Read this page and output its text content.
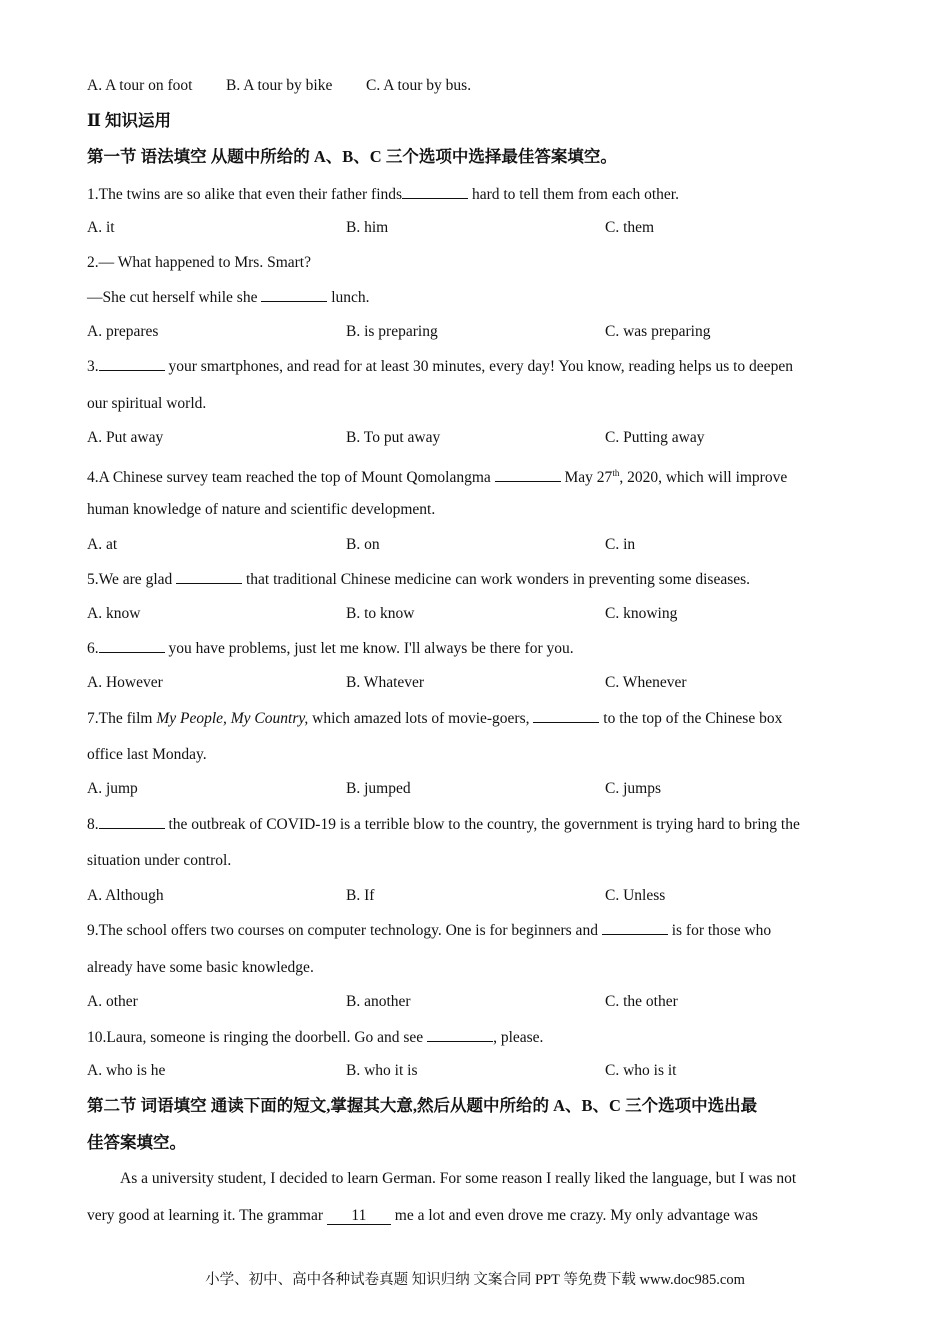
A. A tour on foot B. A tour by bike C. A tour by bus.
Ⅱ 知识运用
第一节 语法填空 从题中所给的 A、B、C 三个选项中选择最佳答案填空。
1.The twins are so alike that even their father finds	hard to tell them from each other.
A. it	B. him	C. them
2.— What happened to Mrs. Smart?
—She cut herself while she	lunch.
A. prepares	B. is preparing	C. was preparing
3.	your smartphones, and read for at least 30 minutes, every day! You know, reading helps us to deepen
our spiritual world.
A. Put away	B. To put away	C. Putting away
4.A Chinese survey team reached the top of Mount Qomolangma	May 27th, 2020, which will improve
human knowledge of nature and scientific development.
A. at	B. on	C. in
5.We are glad	that traditional Chinese medicine can work wonders in preventing some diseases.
A. know	B. to know	C. knowing
6.	you have problems, just let me know. I'll always be there for you.
A. However	B. Whatever	C. Whenever
7.The film My People, My Country, which amazed lots of movie-goers,	to the top of the Chinese box
office last Monday.
A. jump	B. jumped	C. jumps
8.	the outbreak of COVID-19 is a terrible blow to the country, the government is trying hard to bring the
situation under control.
A. Although	B. If	C. Unless
9.The school offers two courses on computer technology. One is for beginners and	is for those who
already have some basic knowledge.
A. other	B. another	C. the other
10.Laura, someone is ringing the doorbell. Go and see	, please.
A. who is he	B. who it is	C. who is it
第二节 词语填空 通读下面的短文,掌握其大意,然后从题中所给的 A、B、C 三个选项中选出最
佳答案填空。
As a university student, I decided to learn German. For some reason I really liked the language, but I was not
very good at learning it. The grammar 11 me a lot and even drove me crazy. My only advantage was
小学、初中、高中各种试卷真题 知识归纳 文案合同 PPT 等免费下载 www.doc985.com
